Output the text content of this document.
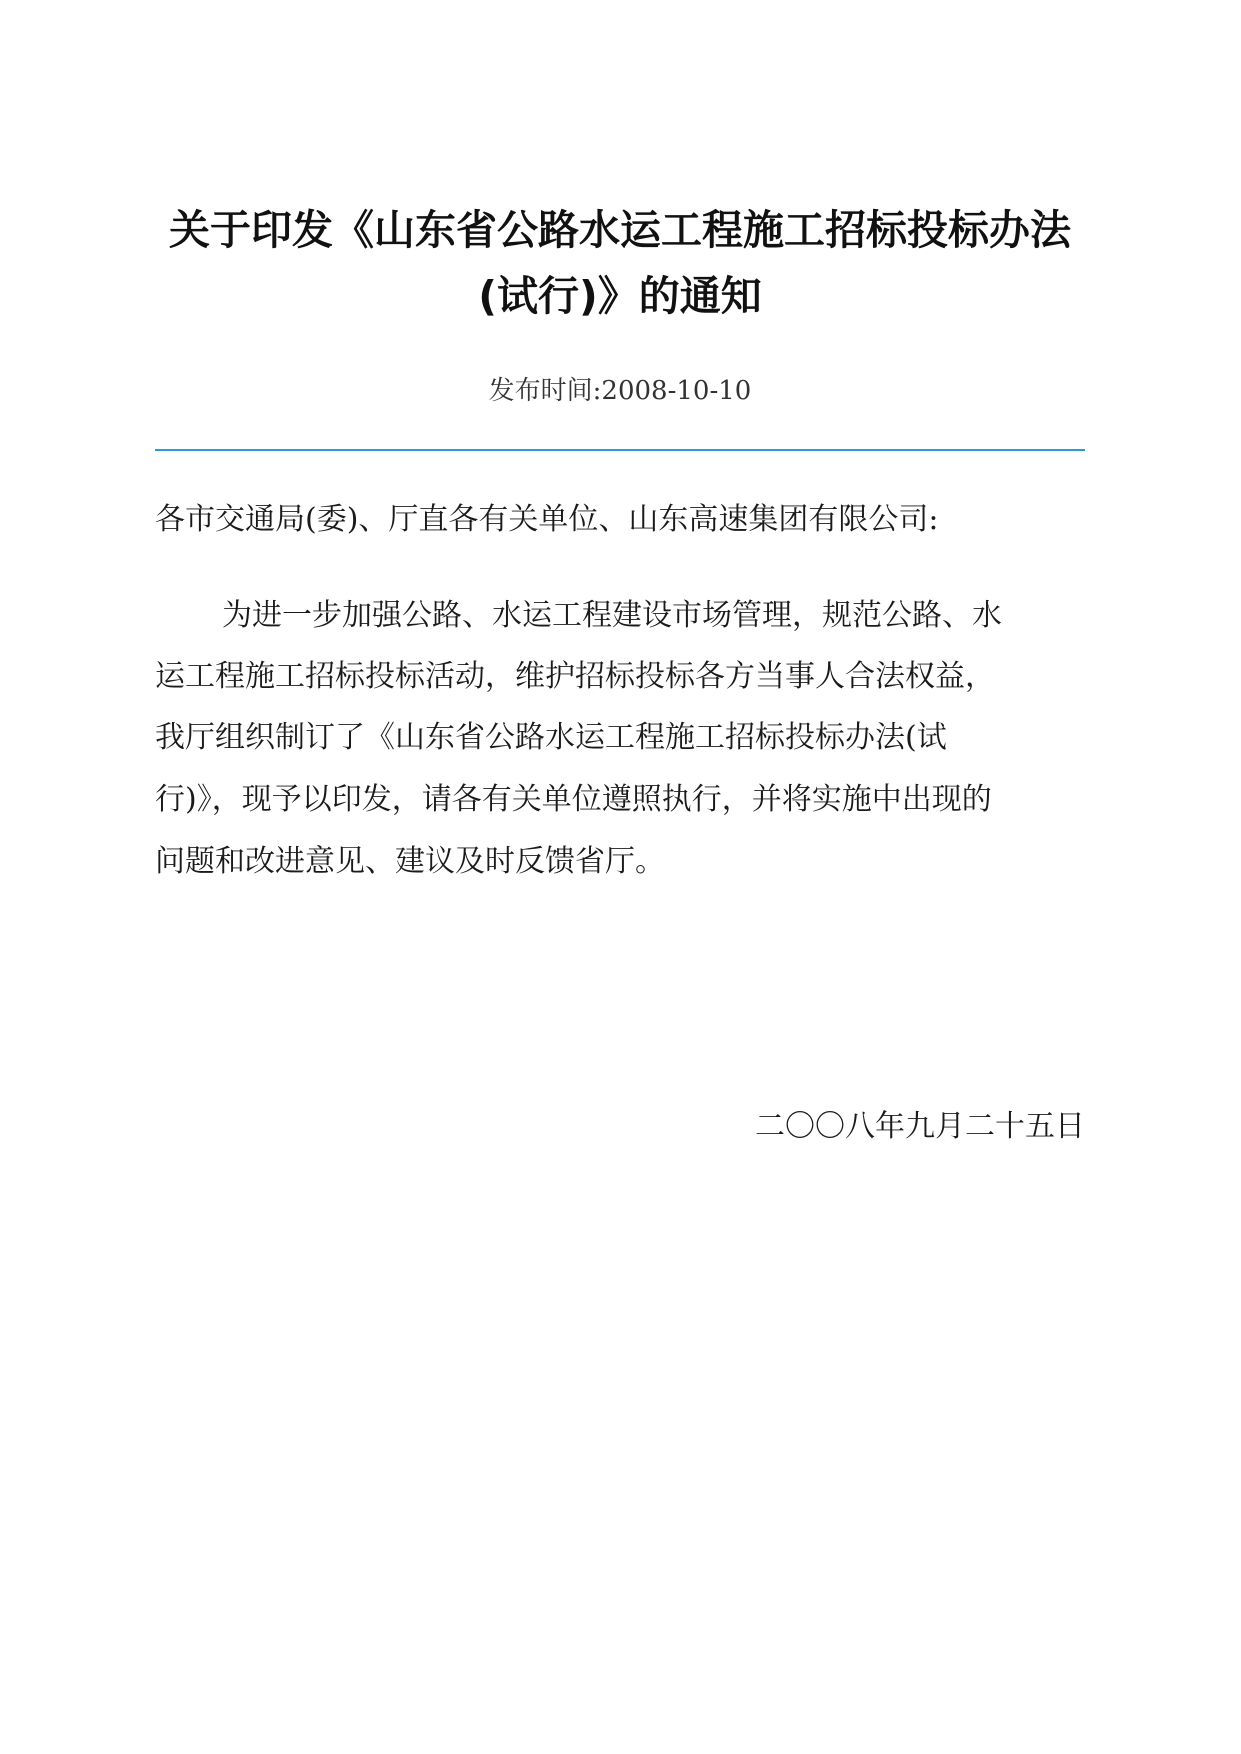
关于印发《山东省公路水运工程施工招标投标办法
(试行)》的通知
发布时间:2008-10-10
各市交通局(委)、厅直各有关单位、山东高速集团有限公司:
为进一步加强公路、水运工程建设市场管理，规范公路、水
运工程施工招标投标活动，维护招标投标各方当事人合法权益，
我厅组织制订了《山东省公路水运工程施工招标投标办法(试
行)》，现予以印发，请各有关单位遵照执行，并将实施中出现的
问题和改进意见、建议及时反馈省厅。
二〇〇八年九月二十五日
